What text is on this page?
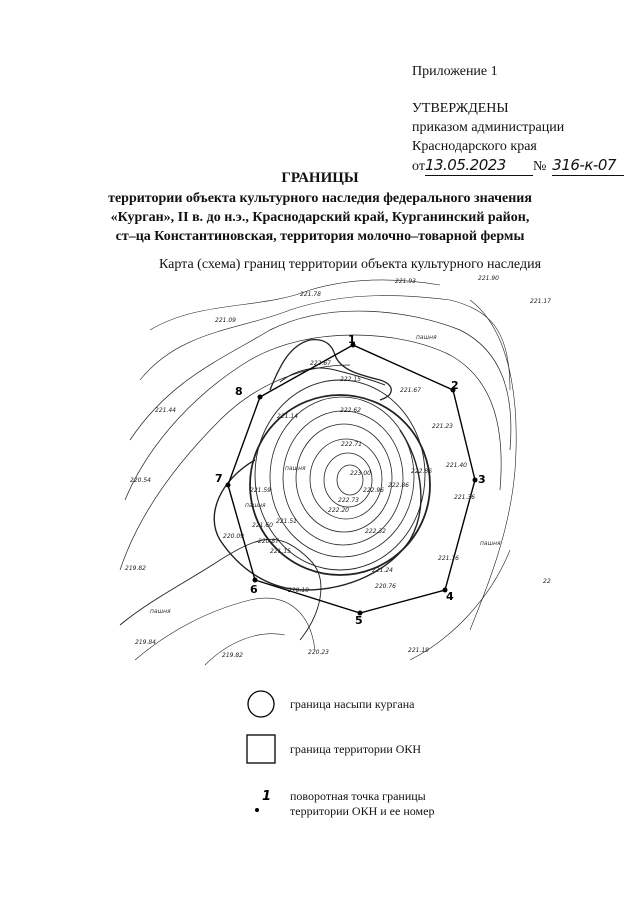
Приложение 1
УТВЕРЖДЕНЫ
приказом администрации
Краснодарского края
от13.05.2023 № 316-к-07
ГРАНИЦЫ
территории объекта культурного наследия федерального значения
«Курган», II в. до н.э., Краснодарский край, Курганинский район,
ст–ца Константиновская, территория молочно–товарной фермы
Карта (схема) границ территории объекта культурного наследия
1
2
3
4
5
6
7
8
221.78
221.93	221.90
221.17
221.09
222.67
222.15
221.67
221.14
221.44	222.62
221.23
222.71
221.40
222.86
223.00
222.86
222.96
222.73
220.54
221.59
221.36
222.20
221.51
222.32
221.60
220.09
220.87
221.15
221.16
219.82	221.24
220.76
220.19
219.84
219.82	220.23	221.19
22
пашня
пашня
пашня
пашня
пашня
граница насыпи кургана
граница территории ОКН
1 поворотная точка границы
территории ОКН и ее номер
